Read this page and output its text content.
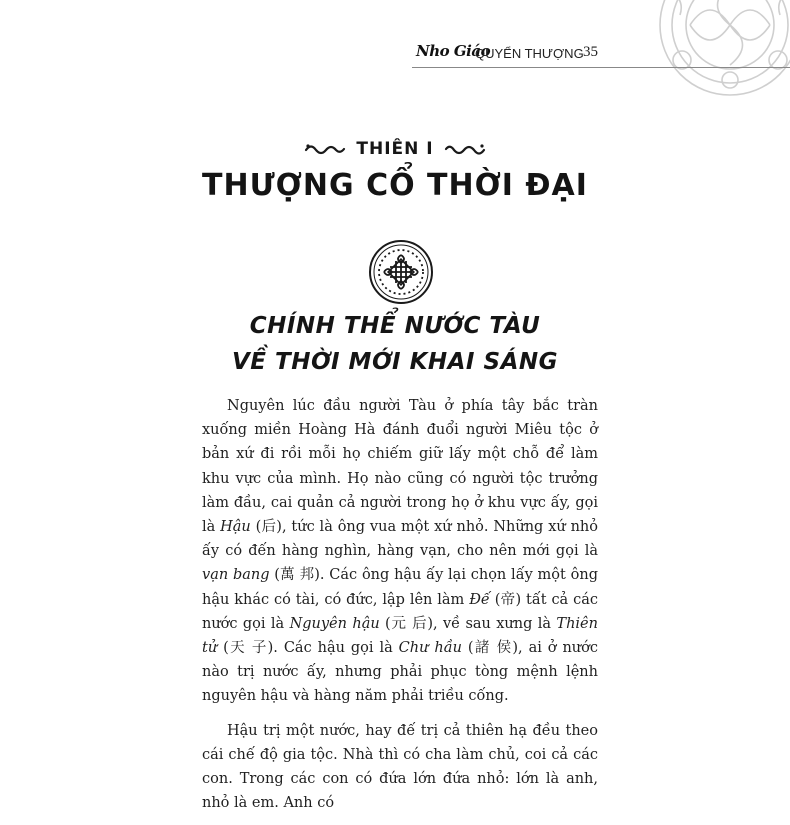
Nho Giáo
QUYỂN THƯỢNG 35
THIÊN I
THƯỢNG CỔ THỜI ĐẠI
CHÍNH THỂ NƯỚC TÀU
VỀ THỜI MỚI KHAI SÁNG

Nguyên lúc đầu người Tàu ở phía tây bắc tràn xuống miền Hoàng Hà đánh đuổi người Miêu tộc ở bản xứ đi rồi mỗi họ chiếm giữ lấy một chỗ để làm khu vực của mình. Họ nào cũng có người tộc trưởng làm đầu, cai quản cả người trong họ ở khu vực ấy, gọi là Hậu (后), tức là ông vua một xứ nhỏ. Những xứ nhỏ ấy có đến hàng nghìn, hàng vạn, cho nên mới gọi là vạn bang (萬 邦). Các ông hậu ấy lại chọn lấy một ông hậu khác có tài, có đức, lập lên làm Đế (帝) tất cả các nước gọi là Nguyên hậu (元 后), về sau xưng là Thiên tử (天 子). Các hậu gọi là Chư hầu (諸 侯), ai ở nước nào trị nước ấy, nhưng phải phục tòng mệnh lệnh nguyên hậu và hàng năm phải triều cống.

Hậu trị một nước, hay đế trị cả thiên hạ đều theo cái chế độ gia tộc. Nhà thì có cha làm chủ, coi cả các con. Trong các con có đứa lớn đứa nhỏ: lớn là anh, nhỏ là em. Anh có
